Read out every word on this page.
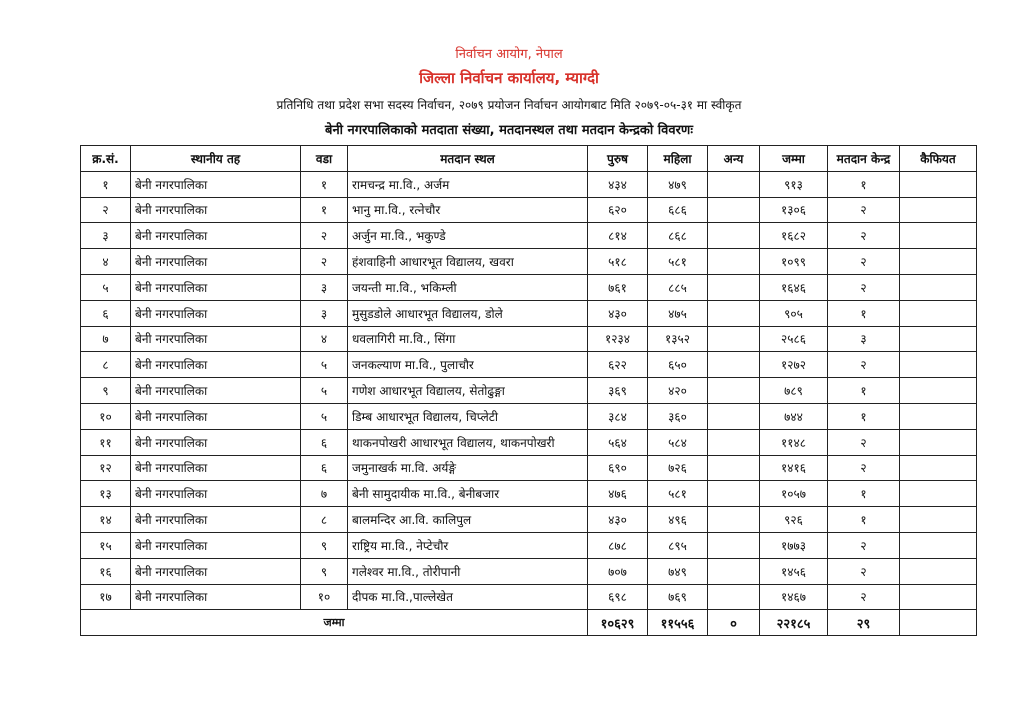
निर्वाचन आयोग, नेपाल
जिल्ला निर्वाचन कार्यालय, म्याग्दी
प्रतिनिधि तथा प्रदेश सभा सदस्य निर्वाचन, २०७९ प्रयोजन निर्वाचन आयोगबाट मिति २०७९-०५-३१ मा स्वीकृत
बेनी नगरपालिकाको मतदाता संख्या, मतदानस्थल तथा मतदान केन्द्रको विवरणः
क्र.सं.	स्थानीय तह	वडा	मतदान स्थल	पुरुष	महिला	अन्य	जम्मा	मतदान केन्द्र	कैफियत
१	बेनी नगरपालिका	१	रामचन्द्र मा.वि., अर्जम	४३४	४७९		९१३	१	
२	बेनी नगरपालिका	१	भानु मा.वि., रत्नेचौर	६२०	६८६		१३०६	२	
३	बेनी नगरपालिका	२	अर्जुन मा.वि., भकुण्डे	८१४	८६८		१६८२	२	
४	बेनी नगरपालिका	२	हंशवाहिनी आधारभूत विद्यालय, खवरा	५१८	५८१		१०९९	२	
५	बेनी नगरपालिका	३	जयन्ती मा.वि., भकिम्ली	७६१	८८५		१६४६	२	
६	बेनी नगरपालिका	३	मुसुडडोले आधारभूत विद्यालय, डोले	४३०	४७५		९०५	१	
७	बेनी नगरपालिका	४	धवलागिरी मा.वि., सिंगा	१२३४	१३५२		२५८६	३	
८	बेनी नगरपालिका	५	जनकल्याण मा.वि., पुलाचौर	६२२	६५०		१२७२	२	
९	बेनी नगरपालिका	५	गणेश आधारभूत विद्यालय, सेतोढुङ्गा	३६९	४२०		७८९	१	
१०	बेनी नगरपालिका	५	डिम्ब आधारभूत विद्यालय, चिप्लेटी	३८४	३६०		७४४	१	
११	बेनी नगरपालिका	६	थाकनपोखरी आधारभूत विद्यालय, थाकनपोखरी	५६४	५८४		११४८	२	
१२	बेनी नगरपालिका	६	जमुनाखर्क मा.वि. अर्यङ्गे	६९०	७२६		१४१६	२	
१३	बेनी नगरपालिका	७	बेनी सामुदायीक मा.वि., बेनीबजार	४७६	५८१		१०५७	१	
१४	बेनी नगरपालिका	८	बालमन्दिर आ.वि. कालिपुल	४३०	४९६		९२६	१	
१५	बेनी नगरपालिका	९	राष्ट्रिय मा.वि., नेप्टेचौर	८७८	८९५		१७७३	२	
१६	बेनी नगरपालिका	९	गलेश्वर मा.वि., तोरीपानी	७०७	७४९		१४५६	२	
१७	बेनी नगरपालिका	१०	दीपक मा.वि.,पाल्लेखेत	६९८	७६९		१४६७	२	
जम्मा				१०६२९	११५५६	०	२२१८५	२९	
